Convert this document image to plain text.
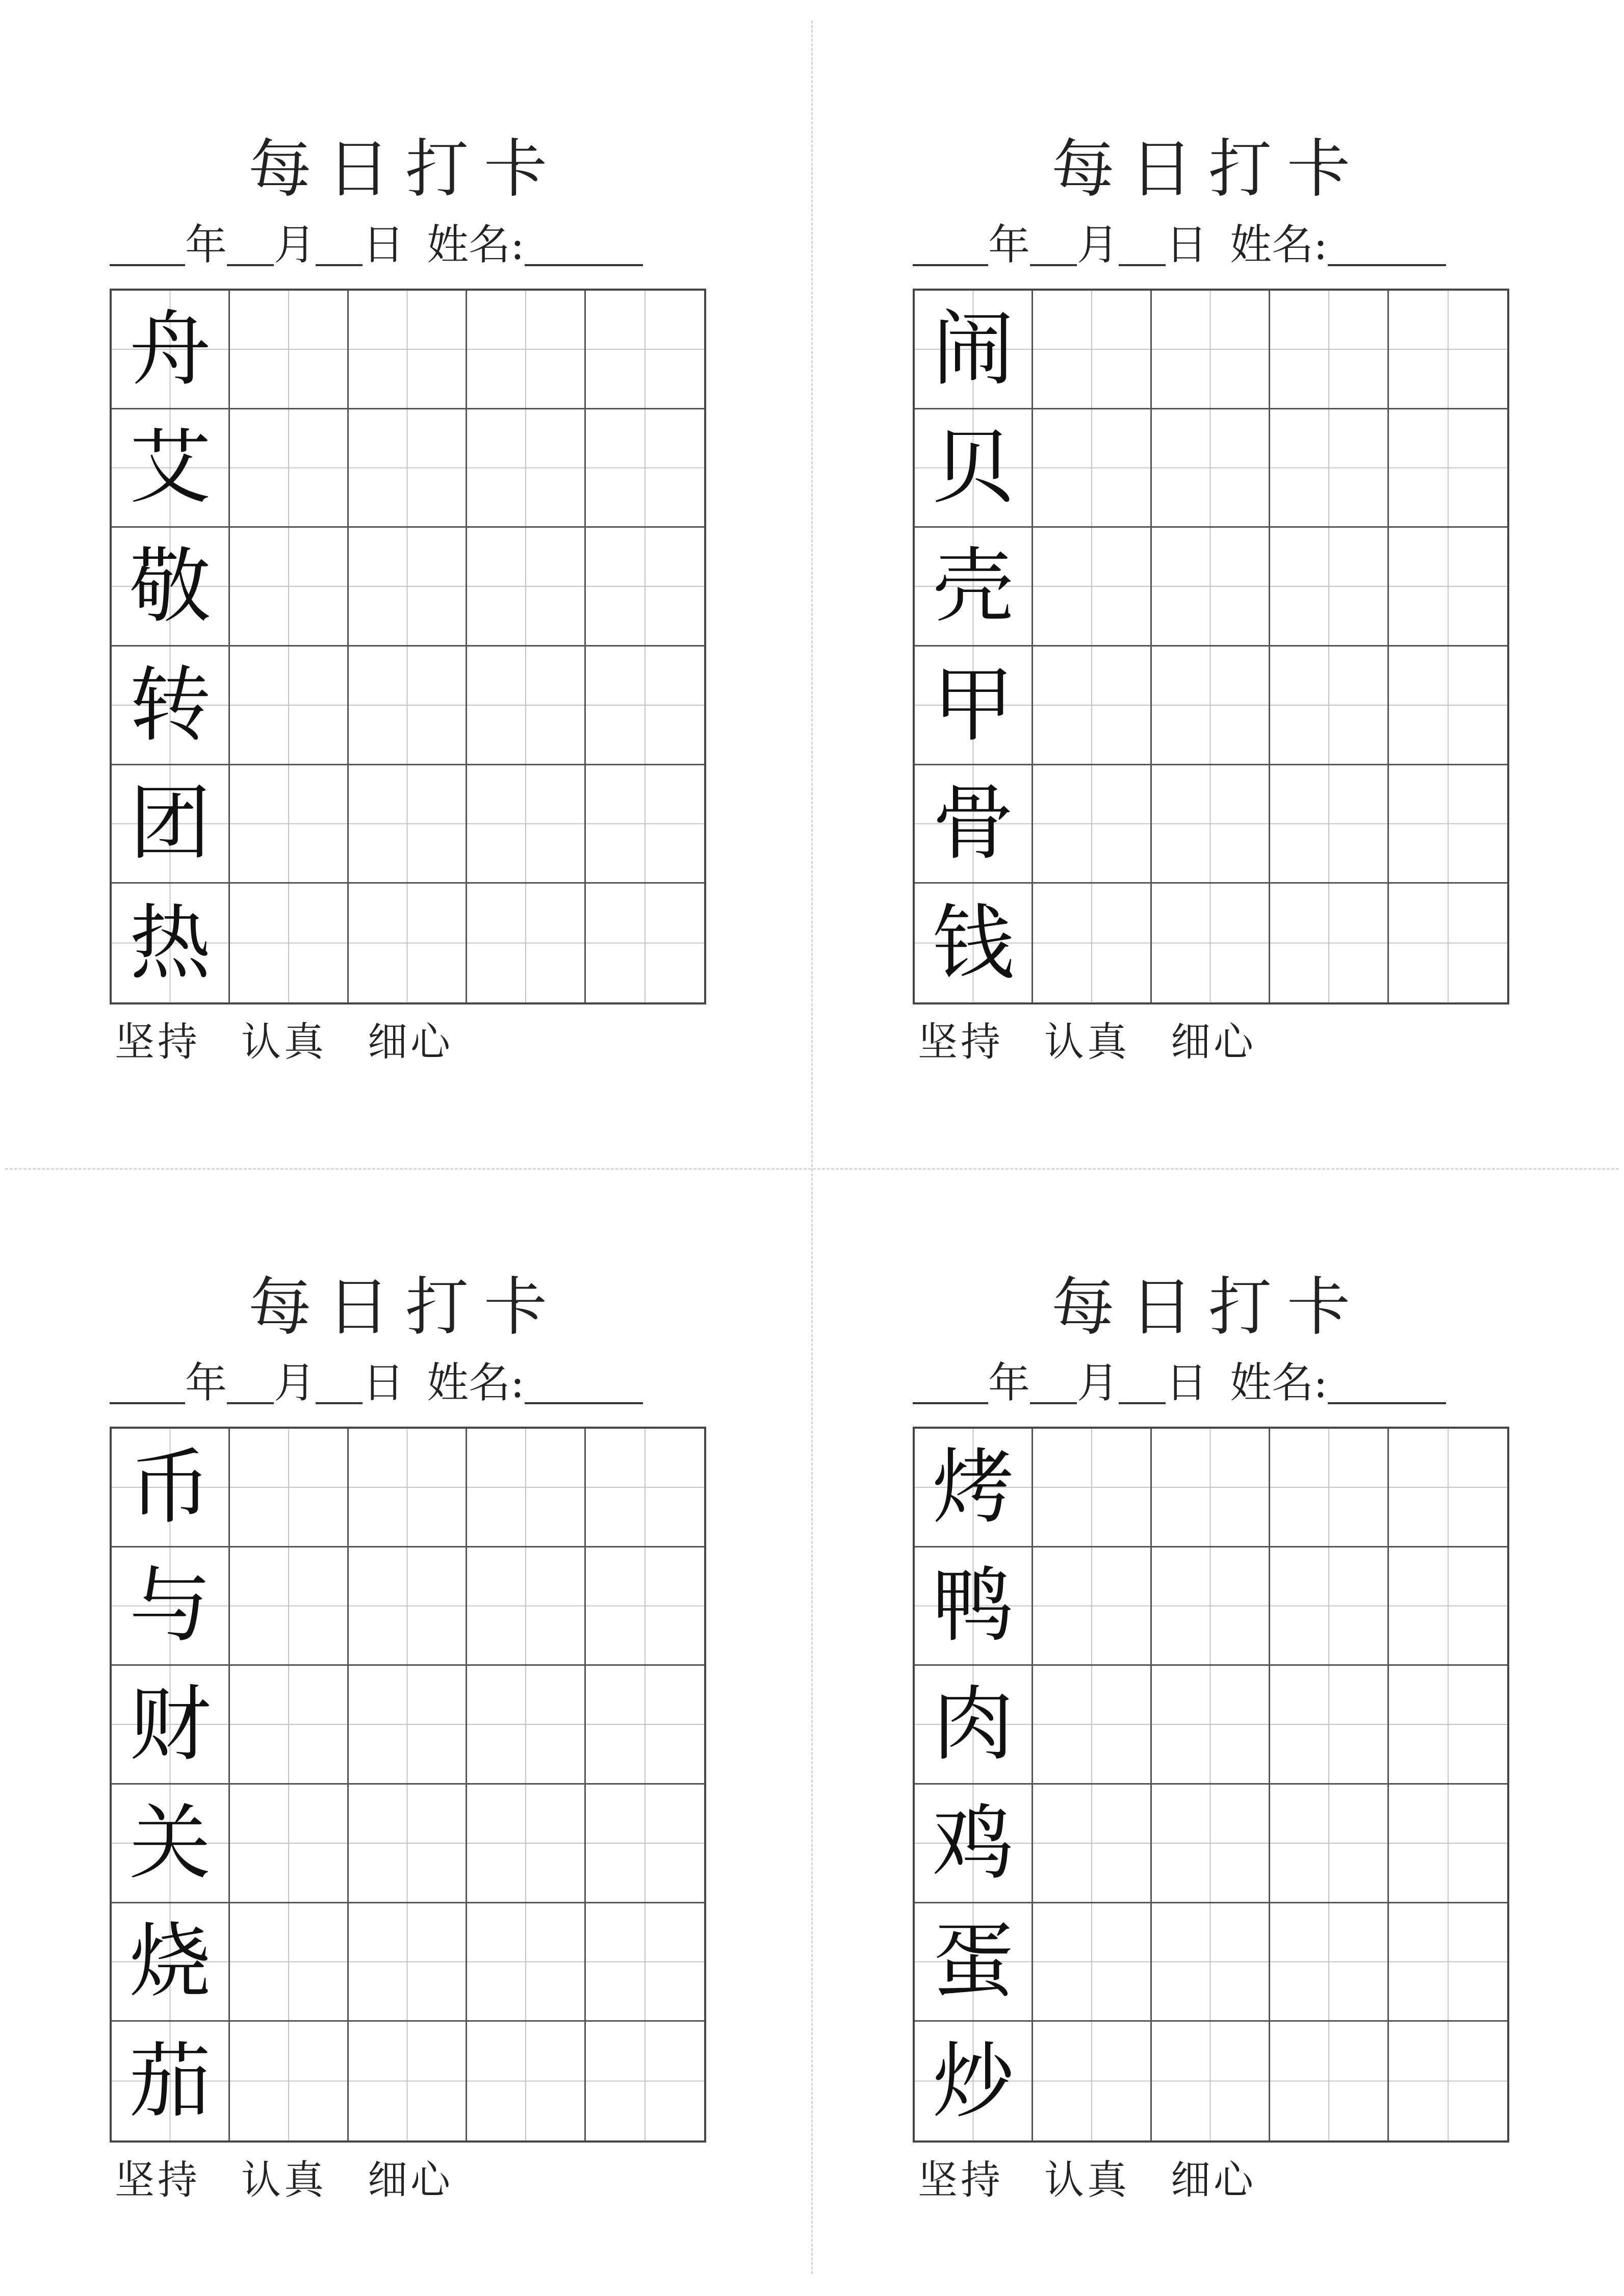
每日打卡
年 月 日 姓名:
舟
艾
敬
转
团
热
坚持 认真 细心
每日打卡
年 月 日 姓名:
闹
贝
壳
甲
骨
钱
坚持 认真 细心
每日打卡
年 月 日 姓名:
币
与
财
关
烧
茄
坚持 认真 细心
每日打卡
年 月 日 姓名:
烤
鸭
肉
鸡
蛋
炒
坚持 认真 细心
